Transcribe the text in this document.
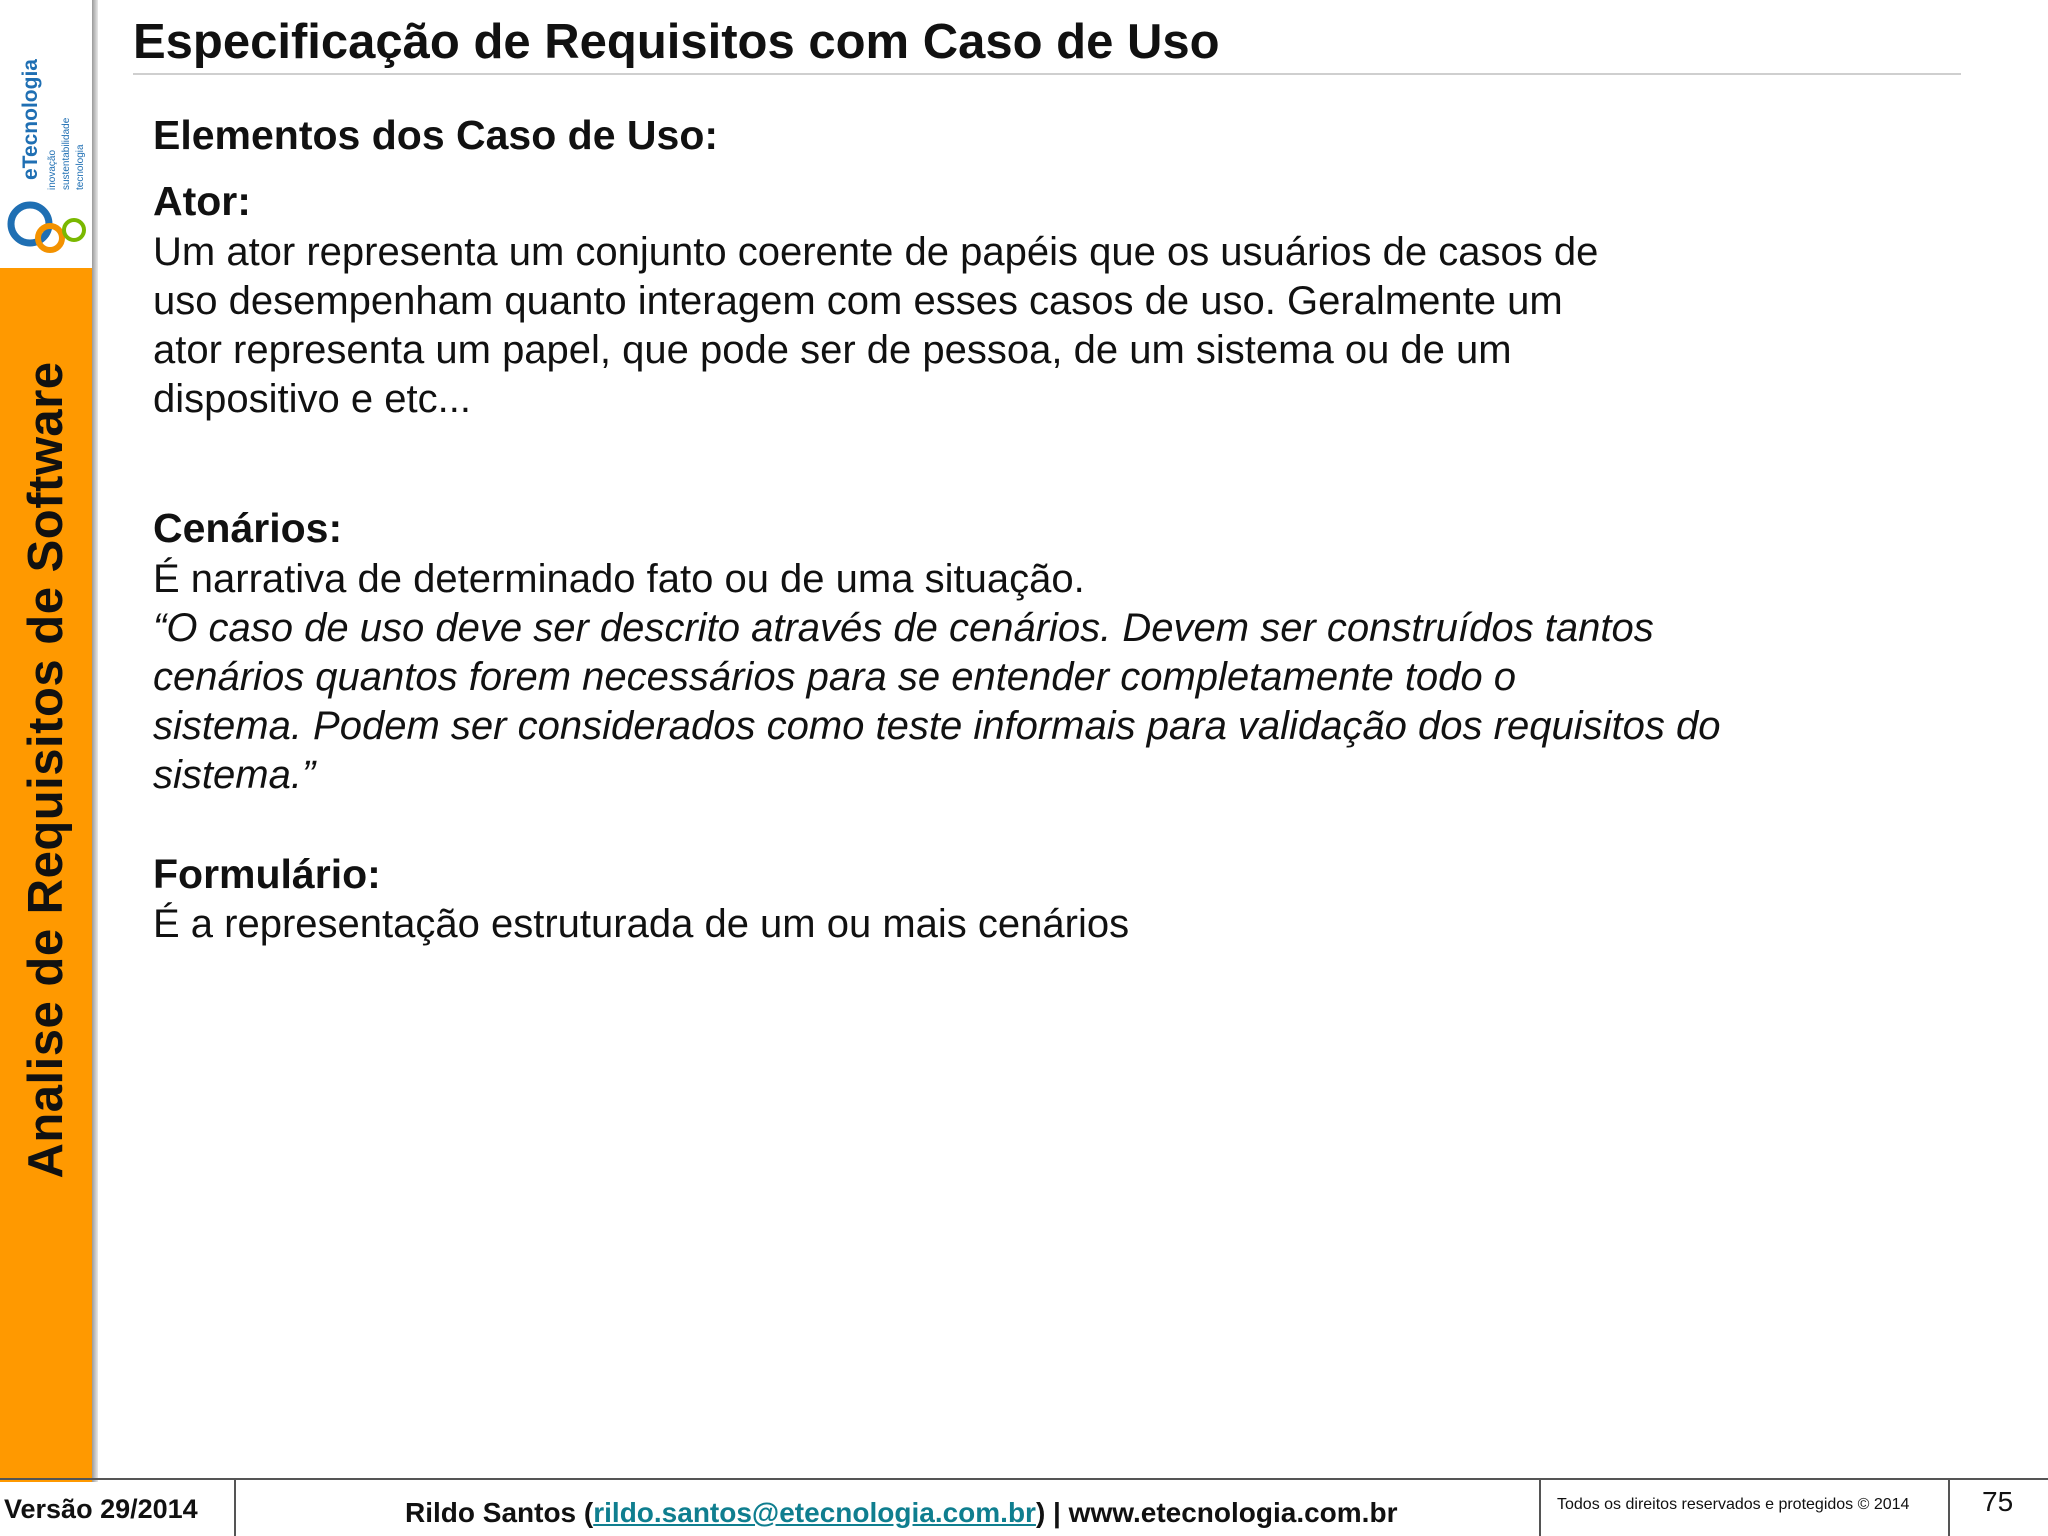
eTecnologia inovação sustentabilidade tecnologia
Analise de Requisitos de Software
Especificação de Requisitos com Caso de Uso
Elementos dos Caso de Uso:
Ator:

Um ator representa um conjunto coerente de papéis que os usuários de casos de

uso desempenham quanto interagem com esses casos de uso. Geralmente um

ator representa um papel, que pode ser de pessoa, de um sistema ou de um

dispositivo e etc...

Cenários:

É narrativa de determinado fato ou de uma situação.

“O caso de uso deve ser descrito através de cenários. Devem ser construídos tantos

cenários quantos forem necessários para se entender completamente todo o

sistema. Podem ser considerados como teste informais para validação dos requisitos do

sistema.”

Formulário:

É a representação estruturada de um ou mais cenários

Versão 29/2014	Rildo Santos (rildo.santos@etecnologia.com.br) | www.etecnologia.com.br	Todos os direitos reservados e protegidos © 2014	75
